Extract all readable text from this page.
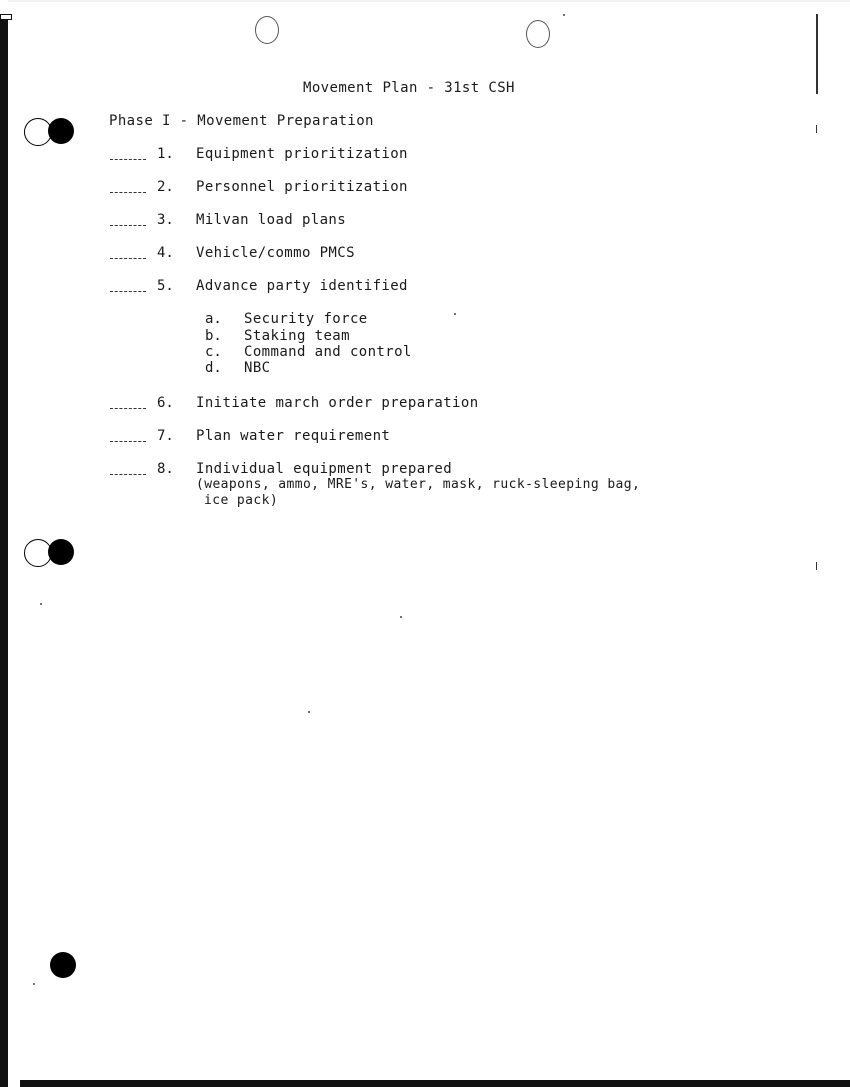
Movement Plan - 31st CSH
Phase I - Movement Preparation
1. Equipment prioritization
2. Personnel prioritization
3. Milvan load plans
4. Vehicle/commo PMCS
5. Advance party identified
a. Security force
b. Staking team
c. Command and control
d. NBC
6. Initiate march order preparation
7. Plan water requirement
8. Individual equipment prepared
(weapons, ammo, MRE's, water, mask, ruck-sleeping bag,
ice pack)
